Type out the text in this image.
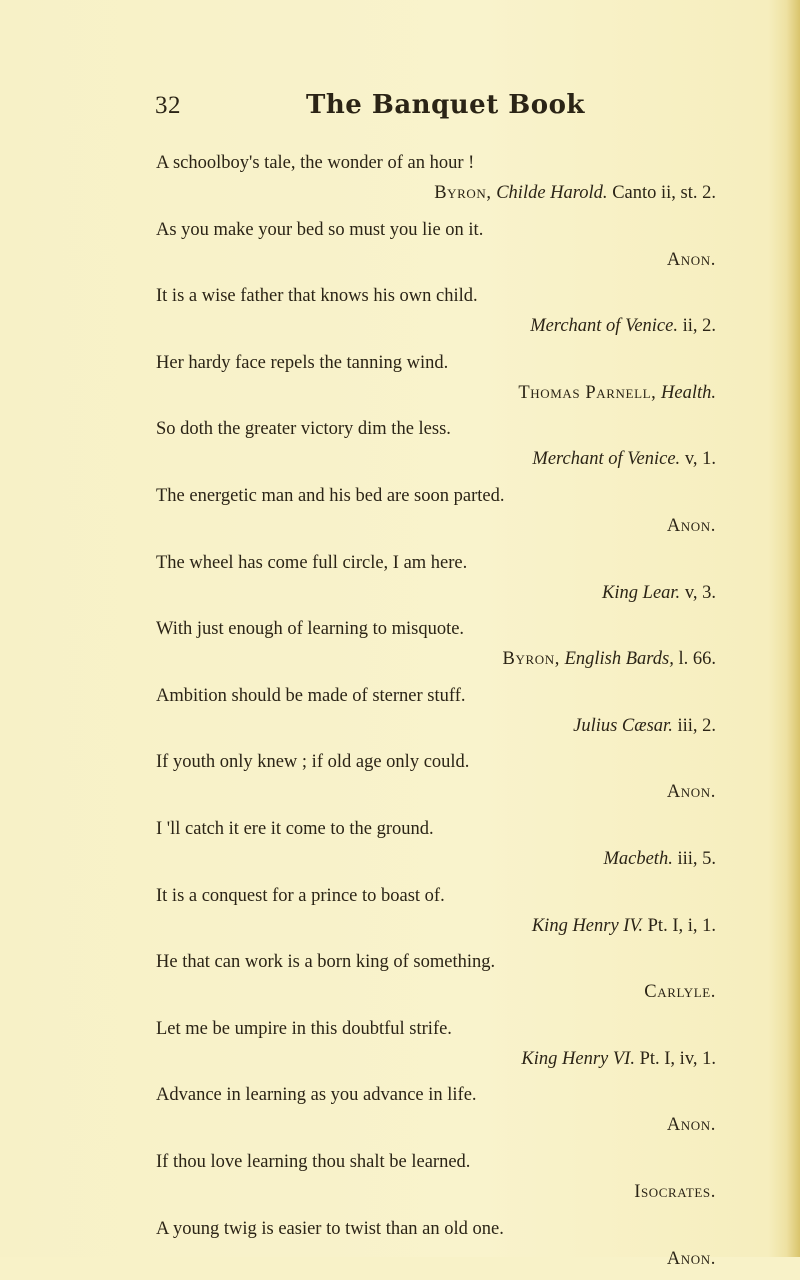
32	The Banquet Book
A schoolboy's tale, the wonder of an hour !
Byron, Childe Harold. Canto ii, st. 2.
As you make your bed so must you lie on it.
Anon.
It is a wise father that knows his own child.
Merchant of Venice. ii, 2.
Her hardy face repels the tanning wind.
Thomas Parnell, Health.
So doth the greater victory dim the less.
Merchant of Venice. v, 1.
The energetic man and his bed are soon parted.
Anon.
The wheel has come full circle, I am here.
King Lear. v, 3.
With just enough of learning to misquote.
Byron, English Bards, l. 66.
Ambition should be made of sterner stuff.
Julius Cæsar. iii, 2.
If youth only knew ; if old age only could.
Anon.
I 'll catch it ere it come to the ground.
Macbeth. iii, 5.
It is a conquest for a prince to boast of.
King Henry IV. Pt. I, i, 1.
He that can work is a born king of something.
Carlyle.
Let me be umpire in this doubtful strife.
King Henry VI. Pt. I, iv, 1.
Advance in learning as you advance in life.
Anon.
If thou love learning thou shalt be learned.
Isocrates.
A young twig is easier to twist than an old one.
Anon.
